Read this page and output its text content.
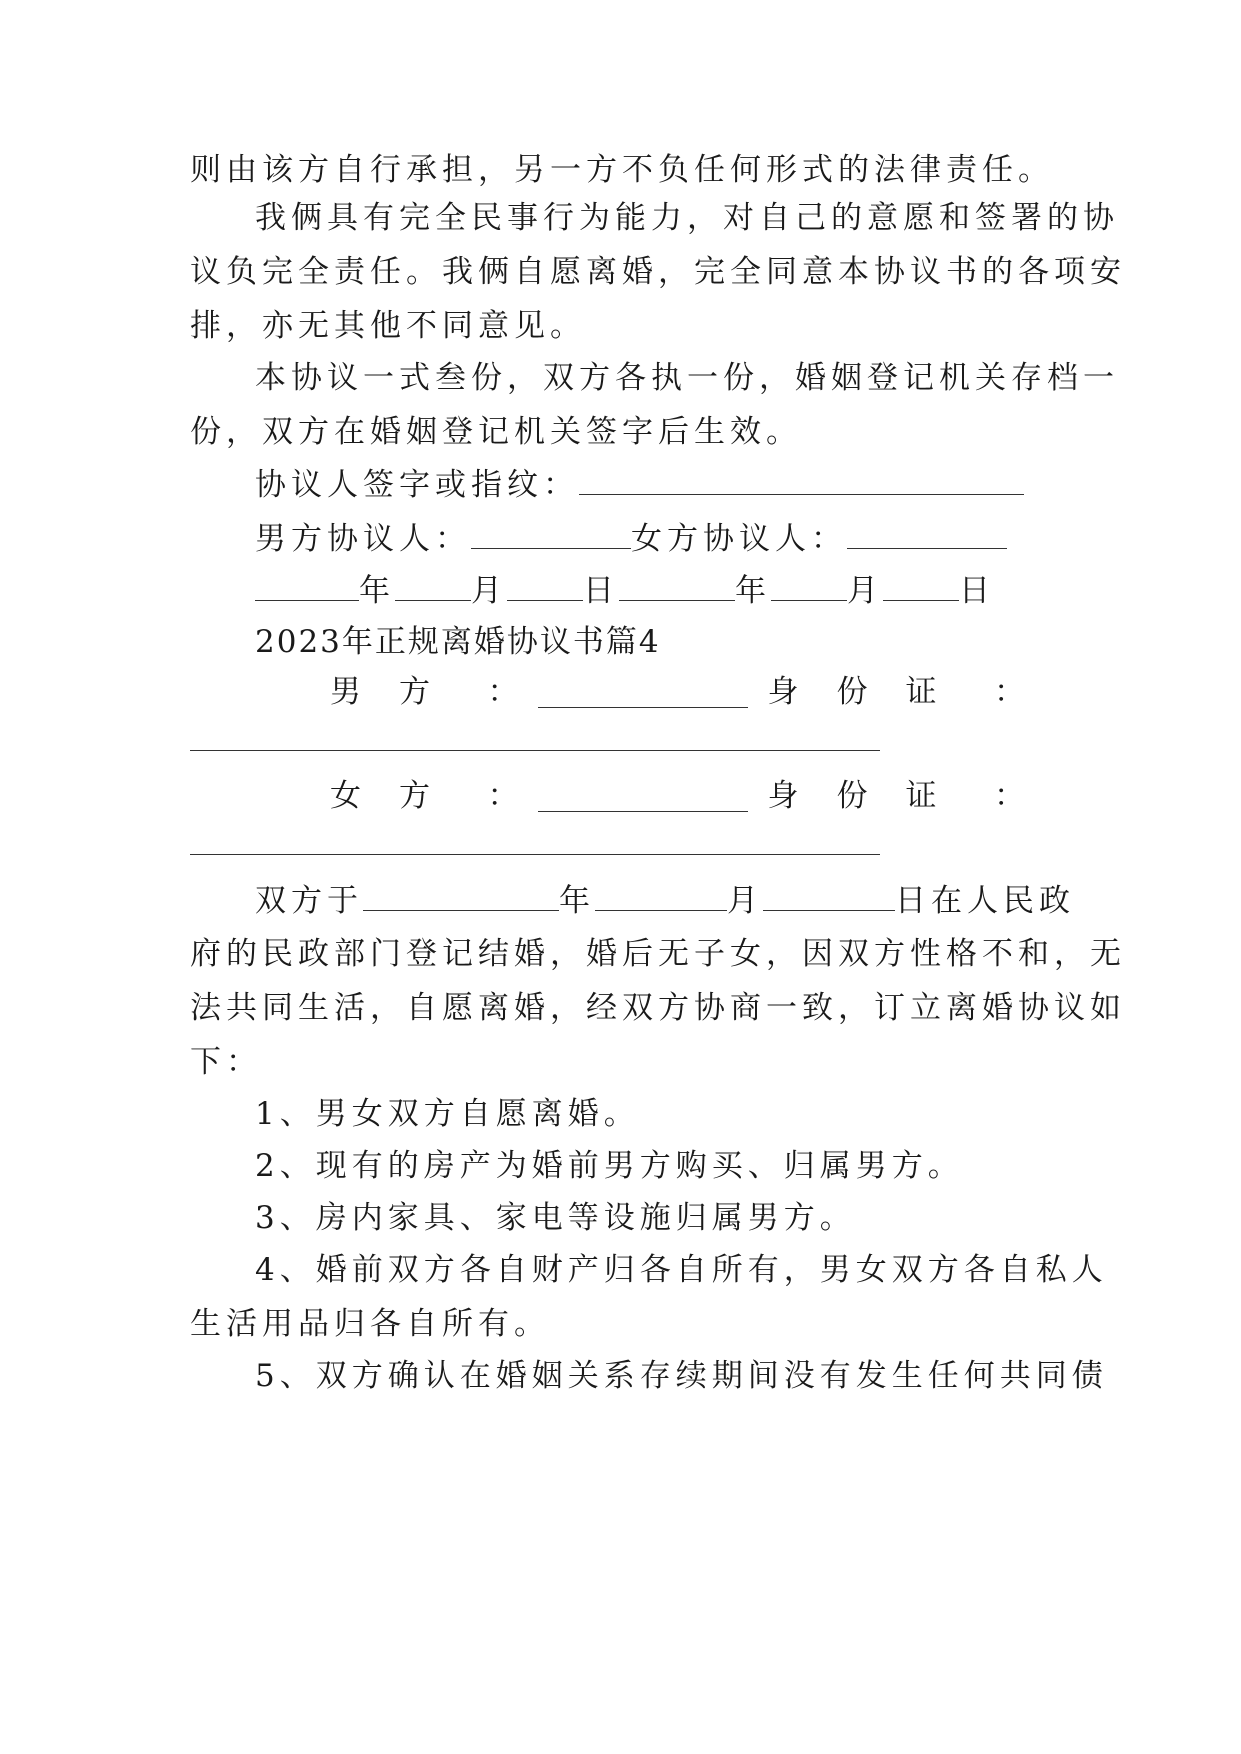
则由该方自行承担，另一方不负任何形式的法律责任。
我俩具有完全民事行为能力，对自己的意愿和签署的协
议负完全责任。我俩自愿离婚，完全同意本协议书的各项安
排，亦无其他不同意见。
本协议一式叁份，双方各执一份，婚姻登记机关存档一
份，双方在婚姻登记机关签字后生效。
协议人签字或指纹：
男方协议人：	女方协议人：
年 月 日	年 月 日
2023年正规离婚协议书篇4
男方 ：	身份证 ：
女方 ：	身份证 ：
双方于	年	月	日在人民政
府的民政部门登记结婚，婚后无子女，因双方性格不和，无
法共同生活，自愿离婚，经双方协商一致，订立离婚协议如
下：
1、男女双方自愿离婚。
2、现有的房产为婚前男方购买、归属男方。
3、房内家具、家电等设施归属男方。
4、婚前双方各自财产归各自所有，男女双方各自私人
生活用品归各自所有。
5、双方确认在婚姻关系存续期间没有发生任何共同债
